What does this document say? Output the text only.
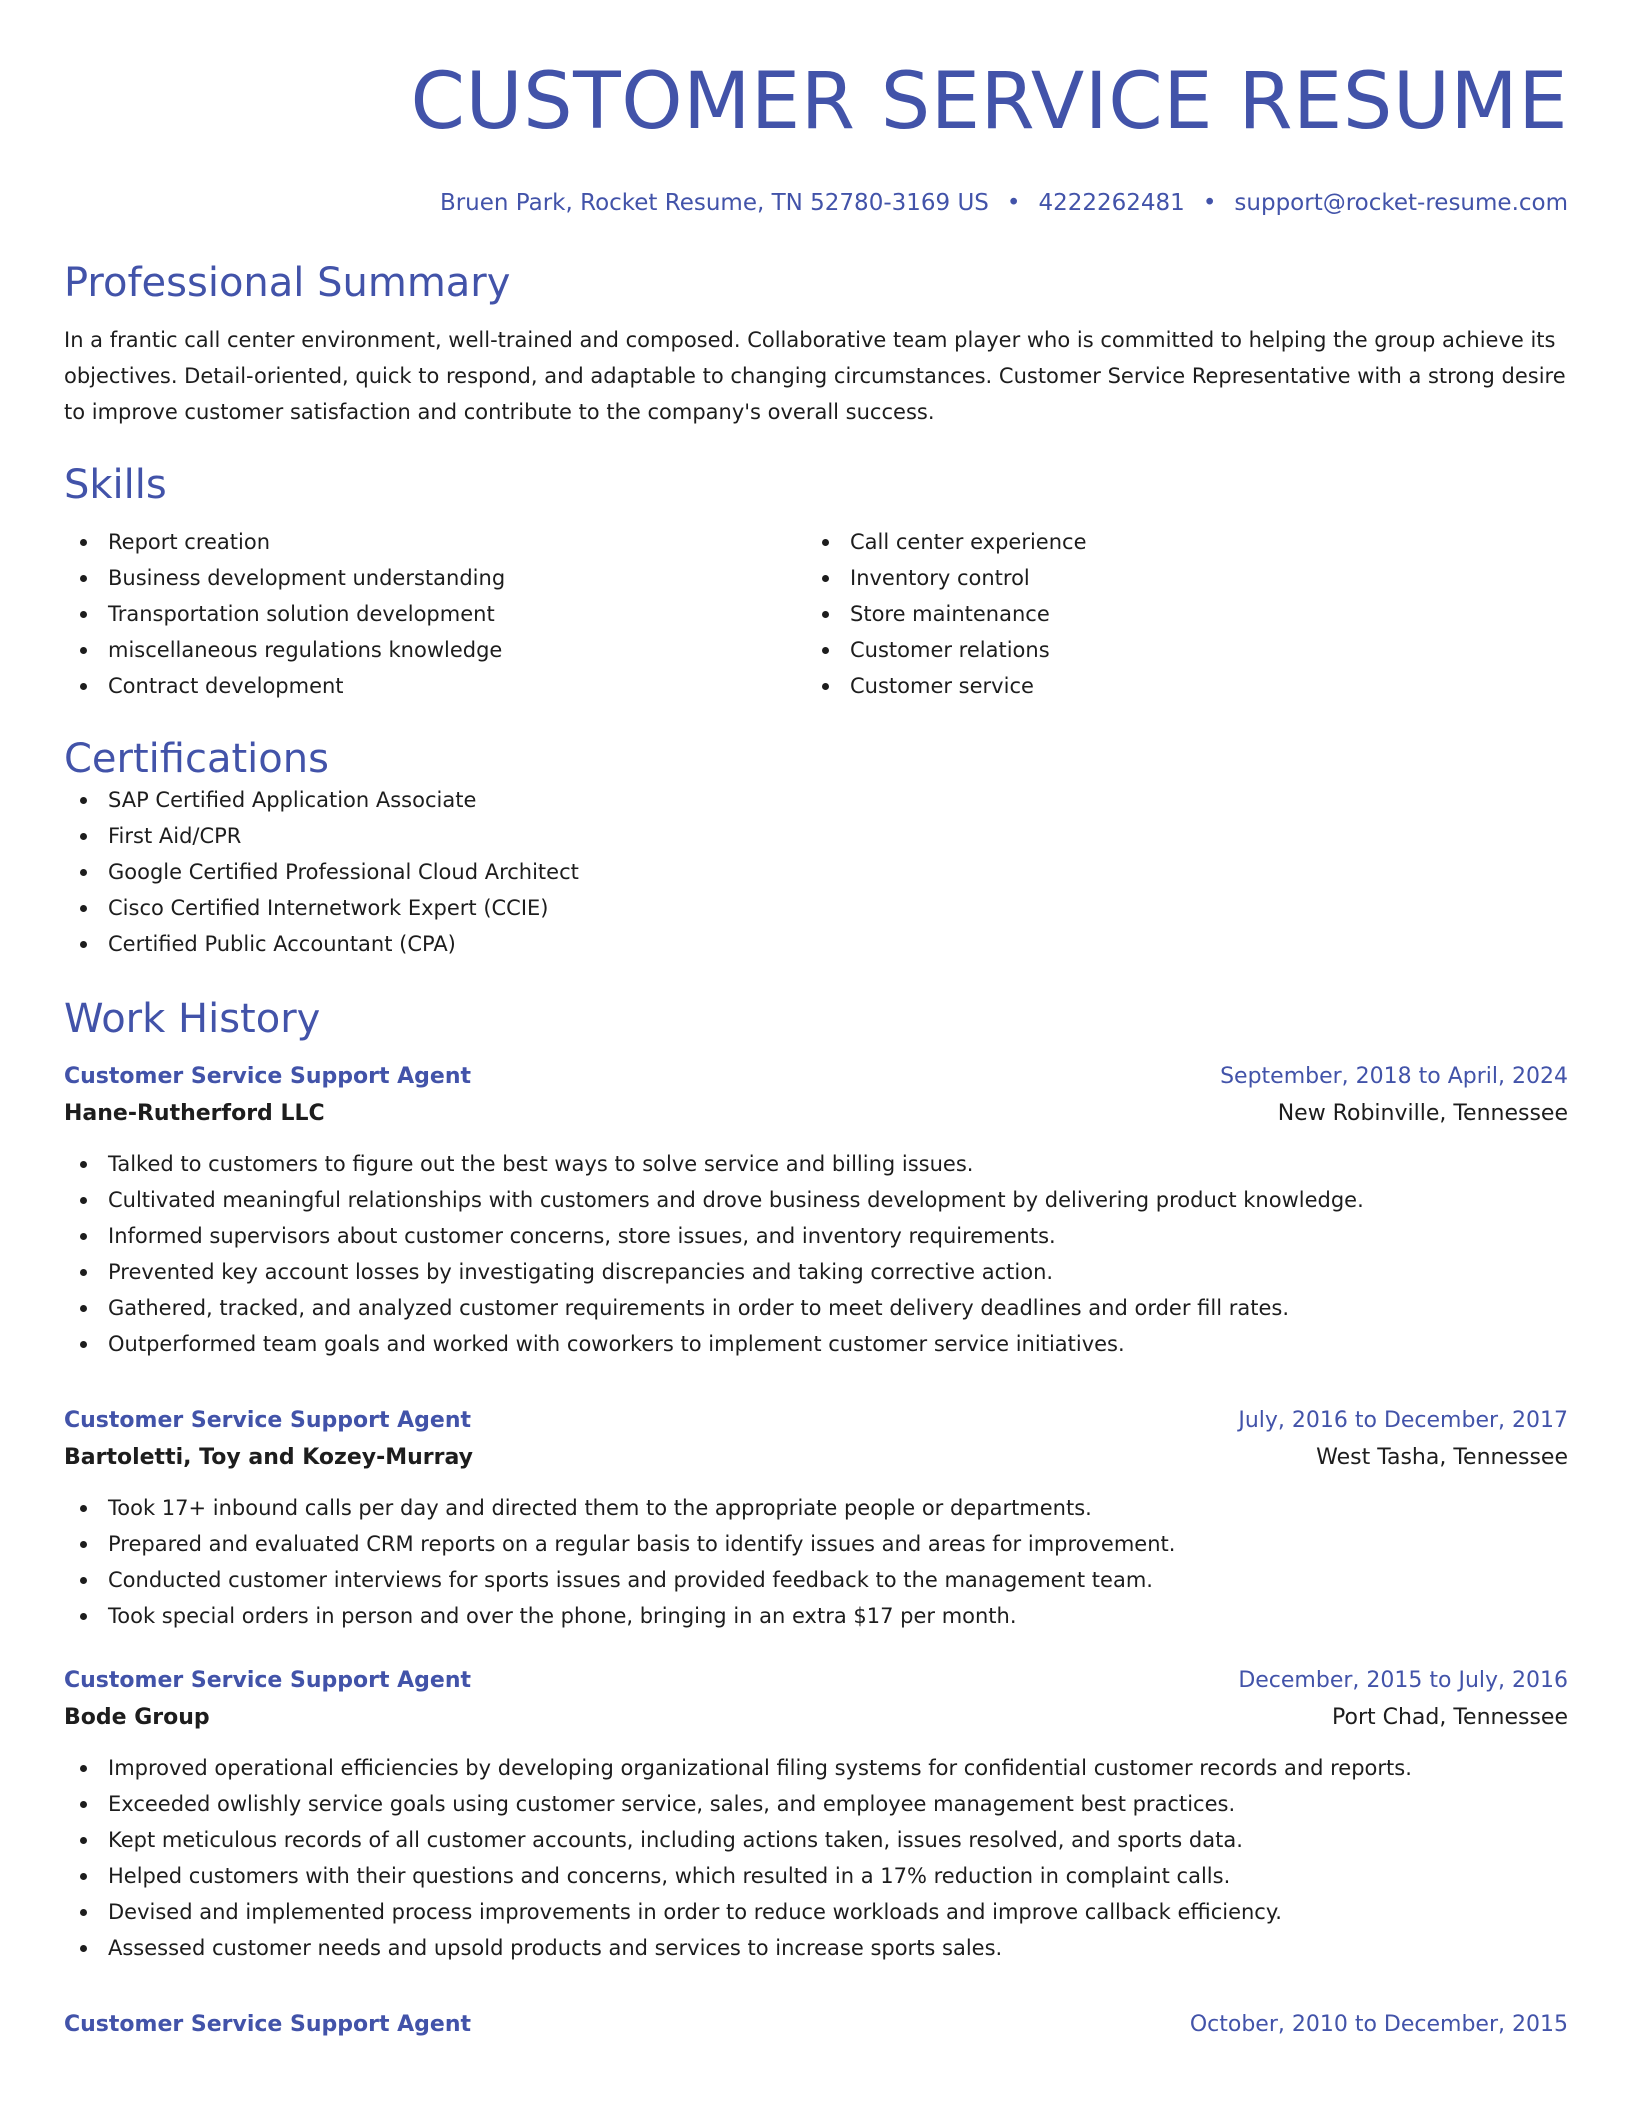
CUSTOMER SERVICE RESUME
Bruen Park, Rocket Resume, TN 52780-3169 US • 4222262481 • support@rocket-resume.com
Professional Summary

In a frantic call center environment, well-trained and composed. Collaborative team player who is committed to helping the group achieve its objectives. Detail-oriented, quick to respond, and adaptable to changing circumstances. Customer Service Representative with a strong desire to improve customer satisfaction and contribute to the company's overall success.

Skills
Report creation
Business development understanding
Transportation solution development
miscellaneous regulations knowledge
Contract development
Call center experience
Inventory control
Store maintenance
Customer relations
Customer service
Certifications
SAP Certified Application Associate
First Aid/CPR
Google Certified Professional Cloud Architect
Cisco Certified Internetwork Expert (CCIE)
Certified Public Accountant (CPA)
Work History
Customer Service Support Agent	September, 2018 to April, 2024
Hane-Rutherford LLC	New Robinville, Tennessee
Talked to customers to figure out the best ways to solve service and billing issues.
Cultivated meaningful relationships with customers and drove business development by delivering product knowledge.
Informed supervisors about customer concerns, store issues, and inventory requirements.
Prevented key account losses by investigating discrepancies and taking corrective action.
Gathered, tracked, and analyzed customer requirements in order to meet delivery deadlines and order fill rates.
Outperformed team goals and worked with coworkers to implement customer service initiatives.
Customer Service Support Agent	July, 2016 to December, 2017
Bartoletti, Toy and Kozey-Murray	West Tasha, Tennessee
Took 17+ inbound calls per day and directed them to the appropriate people or departments.
Prepared and evaluated CRM reports on a regular basis to identify issues and areas for improvement.
Conducted customer interviews for sports issues and provided feedback to the management team.
Took special orders in person and over the phone, bringing in an extra $17 per month.
Customer Service Support Agent	December, 2015 to July, 2016
Bode Group	Port Chad, Tennessee
Improved operational efficiencies by developing organizational filing systems for confidential customer records and reports.
Exceeded owlishly service goals using customer service, sales, and employee management best practices.
Kept meticulous records of all customer accounts, including actions taken, issues resolved, and sports data.
Helped customers with their questions and concerns, which resulted in a 17% reduction in complaint calls.
Devised and implemented process improvements in order to reduce workloads and improve callback efficiency.
Assessed customer needs and upsold products and services to increase sports sales.
Customer Service Support Agent	October, 2010 to December, 2015
